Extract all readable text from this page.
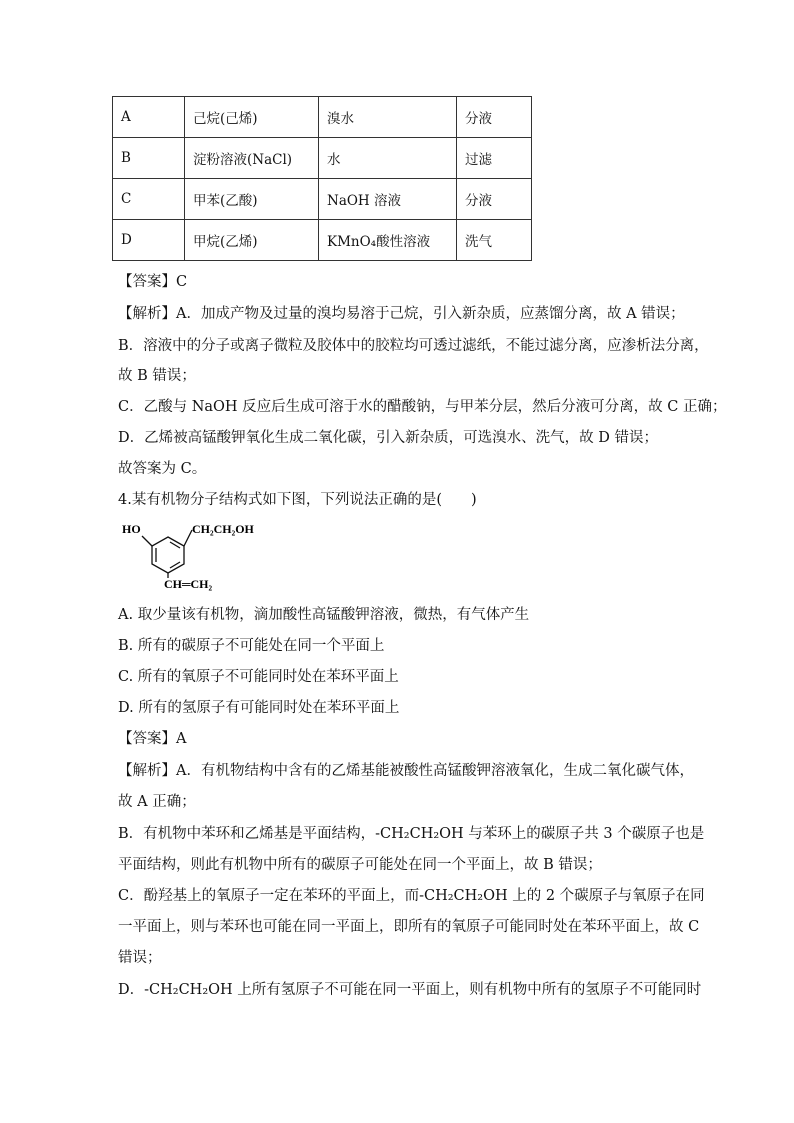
A	己烷(己烯)	溴水	分液
B	淀粉溶液(NaCl)	水	过滤
C	甲苯(乙酸)	NaOH 溶液	分液
D	甲烷(乙烯)	KMnO₄酸性溶液	洗气
【答案】C
【解析】A．加成产物及过量的溴均易溶于己烷，引入新杂质，应蒸馏分离，故 A 错误；
B．溶液中的分子或离子微粒及胶体中的胶粒均可透过滤纸，不能过滤分离，应渗析法分离，
故 B 错误；
C．乙酸与 NaOH 反应后生成可溶于水的醋酸钠，与甲苯分层，然后分液可分离，故 C 正确；
D．乙烯被高锰酸钾氧化生成二氧化碳，引入新杂质，可选溴水、洗气，故 D 错误；
故答案为 C。
4.某有机物分子结构式如下图，下列说法正确的是(　　)
HO	CH₂CH₂OH
CH═CH₂
A. 取少量该有机物，滴加酸性高锰酸钾溶液，微热，有气体产生
B. 所有的碳原子不可能处在同一个平面上
C. 所有的氧原子不可能同时处在苯环平面上
D. 所有的氢原子有可能同时处在苯环平面上
【答案】A
【解析】A．有机物结构中含有的乙烯基能被酸性高锰酸钾溶液氧化，生成二氧化碳气体，
故 A 正确；
B．有机物中苯环和乙烯基是平面结构，-CH₂CH₂OH 与苯环上的碳原子共 3 个碳原子也是
平面结构，则此有机物中所有的碳原子可能处在同一个平面上，故 B 错误；
C．酚羟基上的氧原子一定在苯环的平面上，而-CH₂CH₂OH 上的 2 个碳原子与氧原子在同
一平面上，则与苯环也可能在同一平面上，即所有的氧原子可能同时处在苯环平面上，故 C
错误；
D．-CH₂CH₂OH 上所有氢原子不可能在同一平面上，则有机物中所有的氢原子不可能同时
